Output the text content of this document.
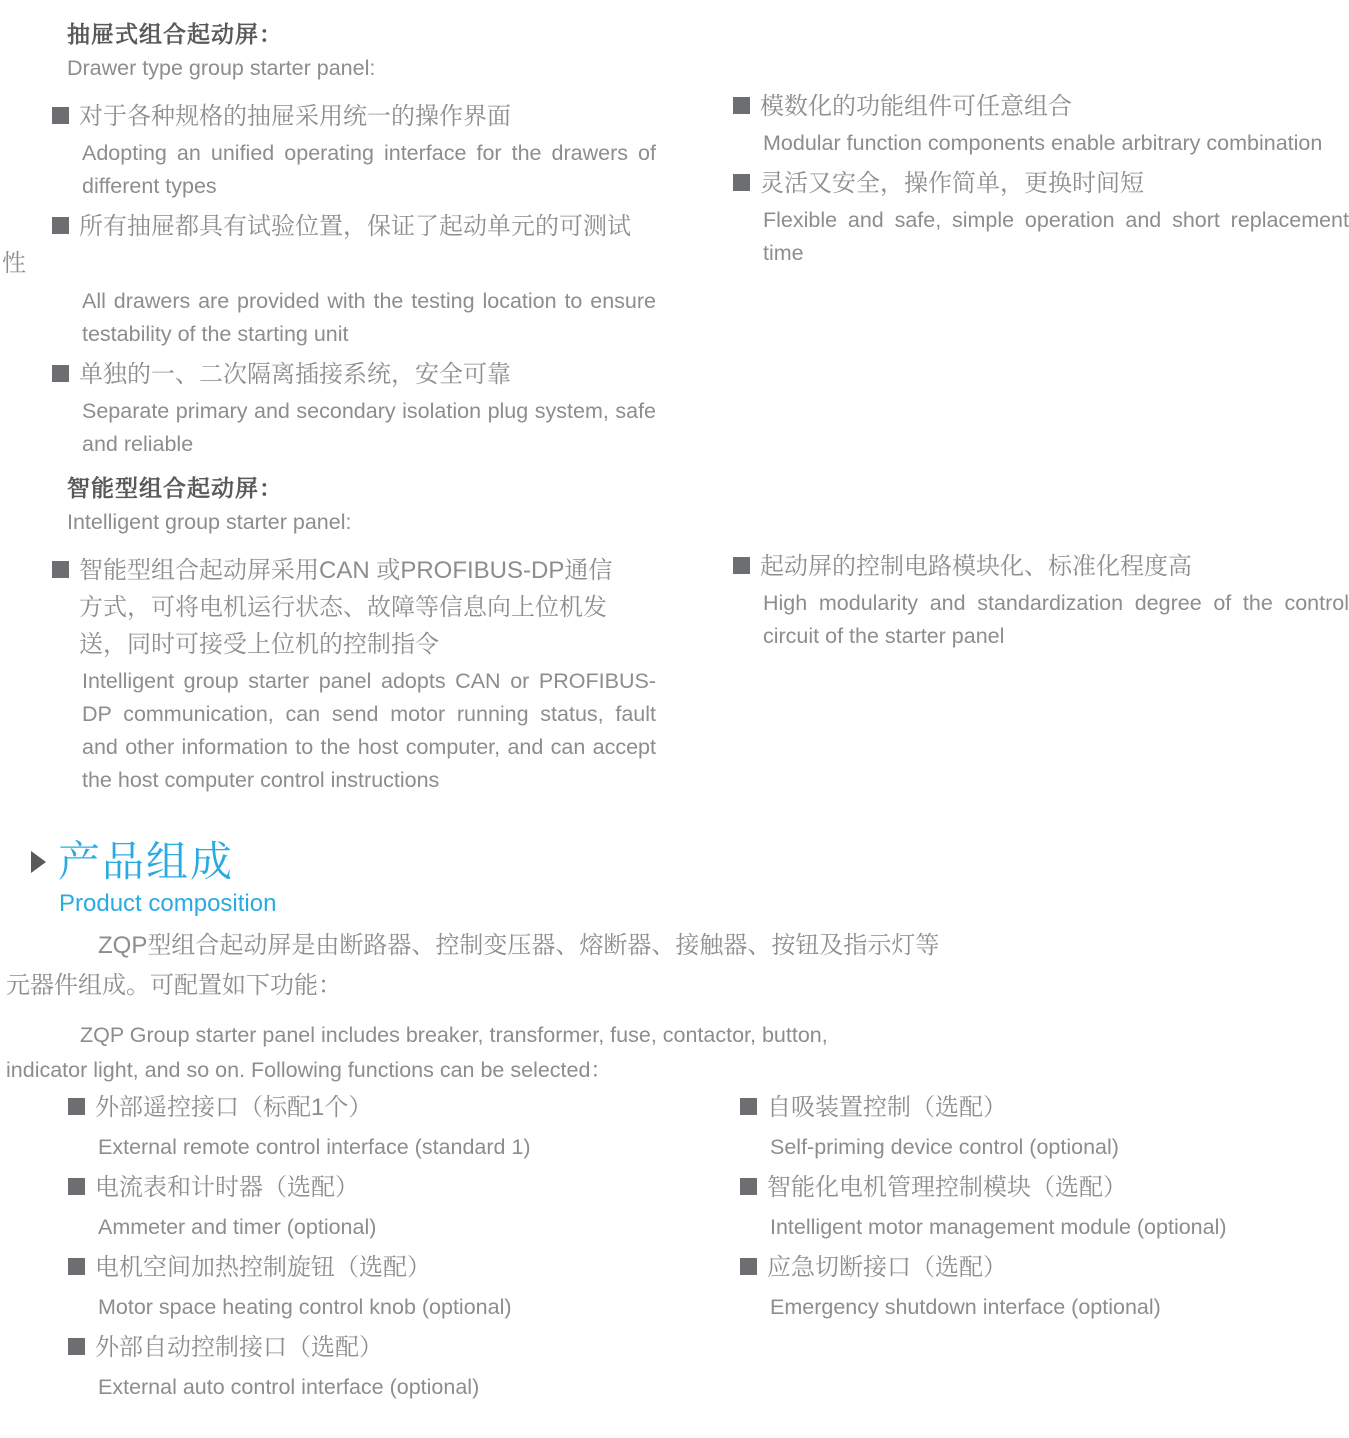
抽屉式组合起动屏：
Drawer type group starter panel:
对于各种规格的抽屉采用统一的操作界面
Adopting an unified operating interface for the drawers of different types
所有抽屉都具有试验位置，保证了起动单元的可测试
性
All drawers are provided with the testing location to ensure testability of the starting unit
单独的一、二次隔离插接系统，安全可靠
Separate primary and secondary isolation plug system, safe and reliable
模数化的功能组件可任意组合
Modular function components enable arbitrary combination
灵活又安全，操作简单，更换时间短
Flexible and safe, simple operation and short replacement time
智能型组合起动屏：
Intelligent group starter panel:
智能型组合起动屏采用CAN 或PROFIBUS-DP通信方式，可将电机运行状态、故障等信息向上位机发送，同时可接受上位机的控制指令
Intelligent group starter panel adopts CAN or PROFIBUS-DP communication, can send motor running status, fault and other information to the host computer, and can accept the host computer control instructions
起动屏的控制电路模块化、标准化程度高
High modularity and standardization degree of the control circuit of the starter panel
产品组成
Product composition
ZQP型组合起动屏是由断路器、控制变压器、熔断器、接触器、按钮及指示灯等元器件组成。可配置如下功能：
ZQP Group starter panel includes breaker, transformer, fuse, contactor, button, indicator light, and so on. Following functions can be selected：
外部遥控接口（标配1个）
External remote control interface (standard 1)
电流表和计时器（选配）
Ammeter and timer (optional)
电机空间加热控制旋钮（选配）
Motor space heating control knob (optional)
外部自动控制接口（选配）
External auto control interface (optional)
自吸装置控制（选配）
Self-priming device control (optional)
智能化电机管理控制模块（选配）
Intelligent motor management module (optional)
应急切断接口（选配）
Emergency shutdown interface (optional)
